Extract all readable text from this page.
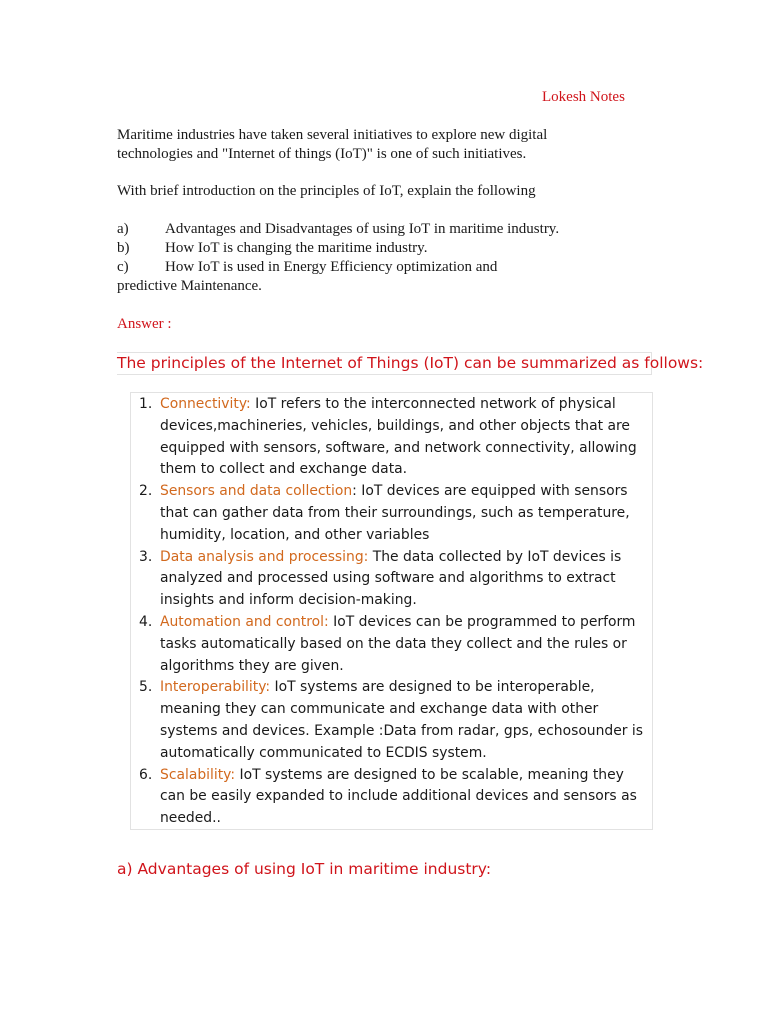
Lokesh Notes
Maritime industries have taken several initiatives to explore new digital
technologies and "Internet of things (IoT)" is one of such initiatives.
With brief introduction on the principles of IoT, explain the following
a) Advantages and Disadvantages of using IoT in maritime industry.
b) How IoT is changing the maritime industry.
c) How IoT is used in Energy Efficiency optimization and
predictive Maintenance.
Answer :
The principles of the Internet of Things (IoT) can be summarized as follows:
1. Connectivity: IoT refers to the interconnected network of physical devices,machineries, vehicles, buildings, and other objects that are equipped with sensors, software, and network connectivity, allowing them to collect and exchange data.
2. Sensors and data collection: IoT devices are equipped with sensors that can gather data from their surroundings, such as temperature, humidity, location, and other variables
3. Data analysis and processing: The data collected by IoT devices is analyzed and processed using software and algorithms to extract insights and inform decision-making.
4. Automation and control: IoT devices can be programmed to perform tasks automatically based on the data they collect and the rules or algorithms they are given.
5. Interoperability: IoT systems are designed to be interoperable, meaning they can communicate and exchange data with other systems and devices. Example :Data from radar, gps, echosounder is automatically communicated to ECDIS system.
6. Scalability: IoT systems are designed to be scalable, meaning they can be easily expanded to include additional devices and sensors as needed..
a) Advantages of using IoT in maritime industry:
